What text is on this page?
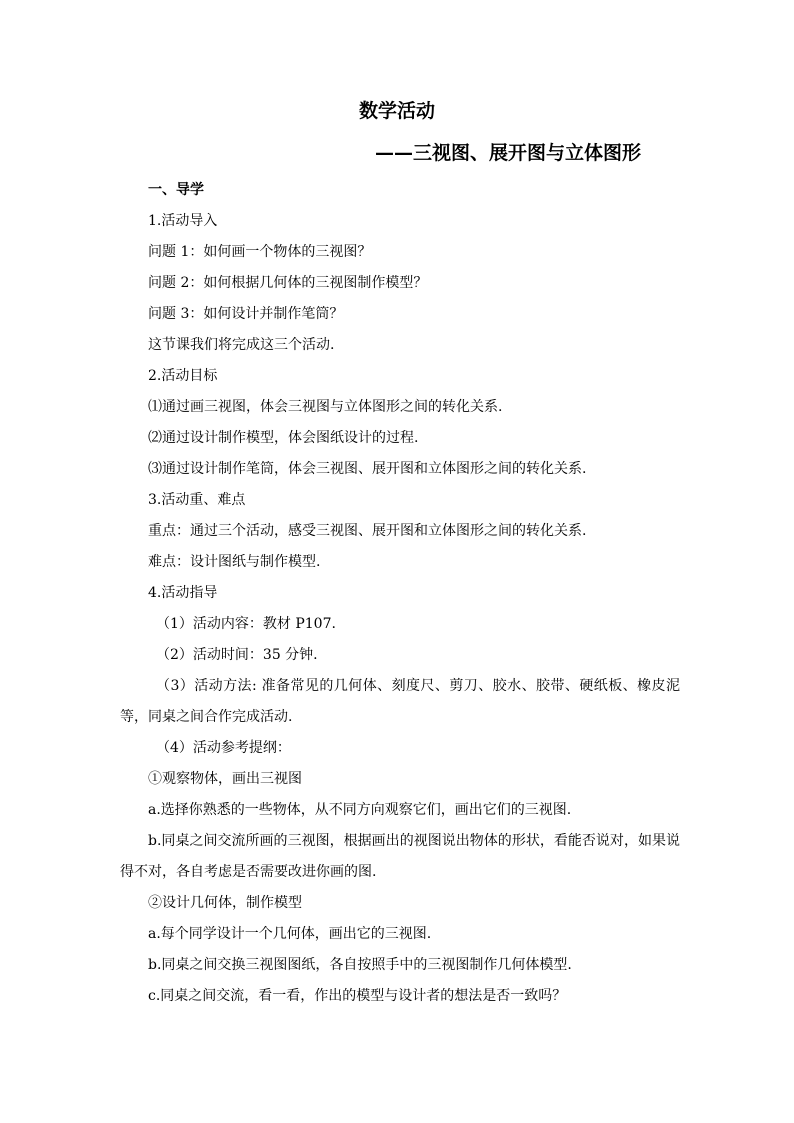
数学活动
——三视图、展开图与立体图形
一、导学
1.活动导入
问题 1：如何画一个物体的三视图？
问题 2：如何根据几何体的三视图制作模型？
问题 3：如何设计并制作笔筒？
这节课我们将完成这三个活动.
2.活动目标
⑴通过画三视图，体会三视图与立体图形之间的转化关系.
⑵通过设计制作模型，体会图纸设计的过程.
⑶通过设计制作笔筒，体会三视图、展开图和立体图形之间的转化关系.
3.活动重、难点
重点：通过三个活动，感受三视图、展开图和立体图形之间的转化关系.
难点：设计图纸与制作模型.
4.活动指导
（1）活动内容：教材 P107.
（2）活动时间：35 分钟.
（3）活动方法: 准备常见的几何体、刻度尺、剪刀、胶水、胶带、硬纸板、橡皮泥等，同桌之间合作完成活动.
（4）活动参考提纲：
①观察物体，画出三视图
a.选择你熟悉的一些物体，从不同方向观察它们，画出它们的三视图.
b.同桌之间交流所画的三视图，根据画出的视图说出物体的形状，看能否说对，如果说得不对，各自考虑是否需要改进你画的图.
②设计几何体，制作模型
a.每个同学设计一个几何体，画出它的三视图.
b.同桌之间交换三视图图纸，各自按照手中的三视图制作几何体模型.
c.同桌之间交流，看一看，作出的模型与设计者的想法是否一致吗？
